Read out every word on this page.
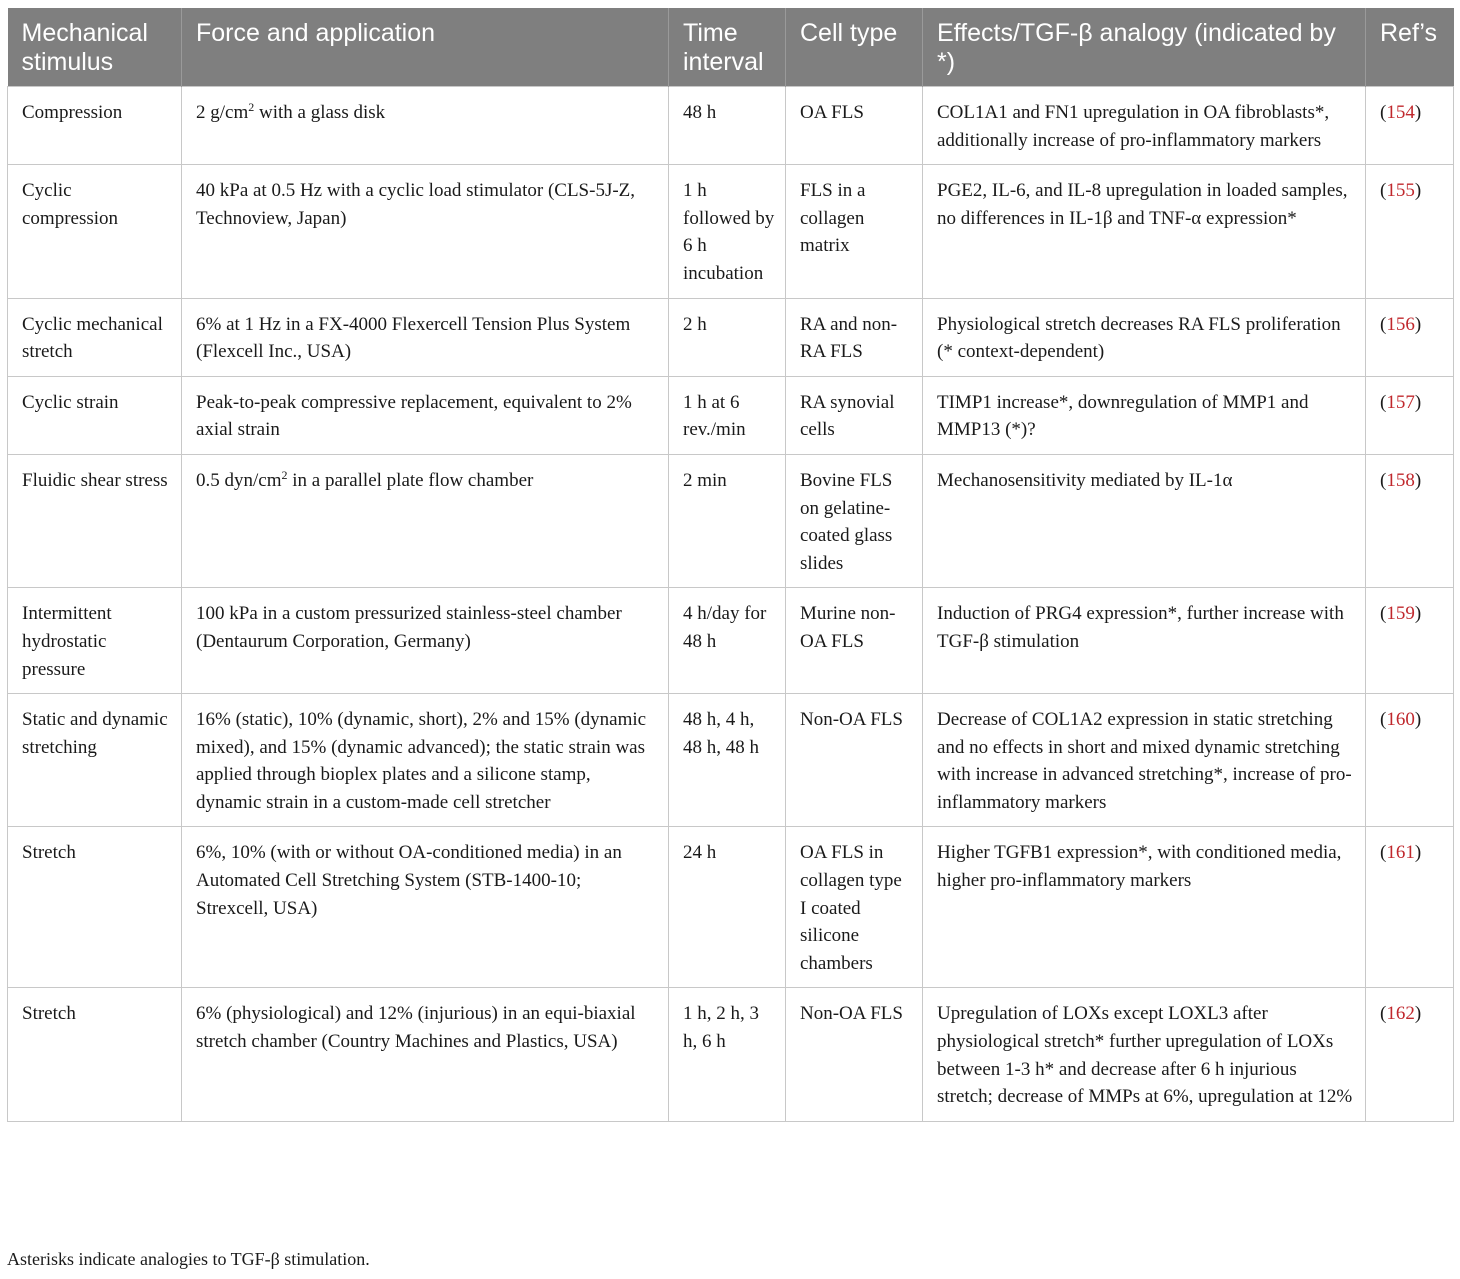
Mechanical stimulus	Force and application	Time interval	Cell type	Effects/TGF-β analogy (indicated by *)	Ref’s
Compression	2 $g/cm^2$ with a glass disk	48 h	OA FLS	COL1A1 and FN1 upregulation in OA fibroblasts*, additionally increase of pro-inflammatory markers	(154)
Cyclic compression	40 kPa at 0.5 Hz with a cyclic load stimulator (CLS-5J-Z, Technoview, Japan)	1 h followed by 6 h incubation	FLS in a collagen matrix	PGE2, IL-6, and IL-8 upregulation in loaded samples, no differences in IL-1β and TNF-α expression*	(155)
Cyclic mechanical stretch	6% at 1 Hz in a FX-4000 Flexercell Tension Plus System (Flexcell Inc., USA)	2 h	RA and non-RA FLS	Physiological stretch decreases RA FLS proliferation (* context-dependent)	(156)
Cyclic strain	Peak-to-peak compressive replacement, equivalent to 2% axial strain	1 h at 6 rev./min	RA synovial cells	TIMP1 increase*, downregulation of MMP1 and MMP13 (*)?	(157)
Fluidic shear stress	0.5 dyn/$cm^2$ in a parallel plate flow chamber	2 min	Bovine FLS on gelatine-coated glass slides	Mechanosensitivity mediated by IL-1α	(158)
Intermittent hydrostatic pressure	100 kPa in a custom pressurized stainless-steel chamber (Dentaurum Corporation, Germany)	4 h/day for 48 h	Murine non-OA FLS	Induction of PRG4 expression*, further increase with TGF-β stimulation	(159)
Static and dynamic stretching	16% (static), 10% (dynamic, short), 2% and 15% (dynamic mixed), and 15% (dynamic advanced); the static strain was applied through bioplex plates and a silicone stamp, dynamic strain in a custom-made cell stretcher	48 h, 4 h, 48 h, 48 h	Non-OA FLS	Decrease of COL1A2 expression in static stretching and no effects in short and mixed dynamic stretching with increase in advanced stretching*, increase of pro-inflammatory markers	(160)
Stretch	6%, 10% (with or without OA-conditioned media) in an Automated Cell Stretching System (STB-1400-10; Strexcell, USA)	24 h	OA FLS in collagen type I coated silicone chambers	Higher TGFB1 expression*, with conditioned media, higher pro-inflammatory markers	(161)
Stretch	6% (physiological) and 12% (injurious) in an equi-biaxial stretch chamber (Country Machines and Plastics, USA)	1 h, 2 h, 3 h, 6 h	Non-OA FLS	Upregulation of LOXs except LOXL3 after physiological stretch* further upregulation of LOXs between 1-3 h* and decrease after 6 h injurious stretch; decrease of MMPs at 6%, upregulation at 12%	(162)
Asterisks indicate analogies to TGF-β stimulation.
